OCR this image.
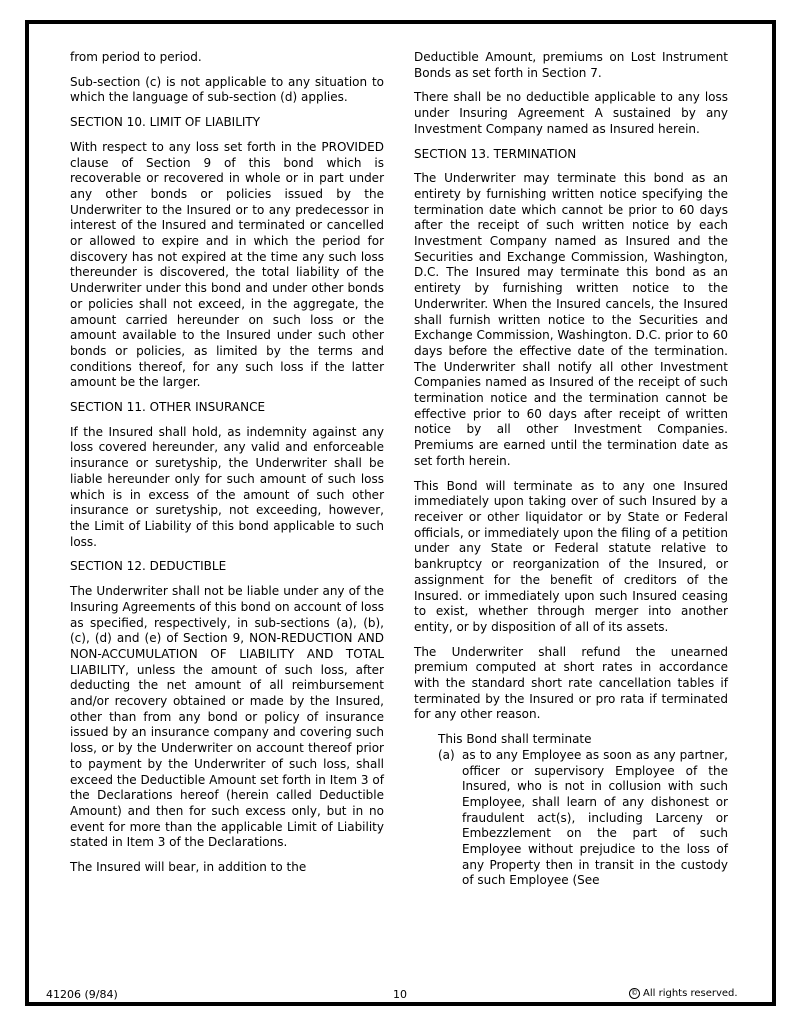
from period to period.

Sub-section (c) is not applicable to any situation to which the language of sub-section (d) applies.

SECTION 10. LIMIT OF LIABILITY

With respect to any loss set forth in the PROVIDED clause of Section 9 of this bond which is recoverable or recovered in whole or in part under any other bonds or policies issued by the Underwriter to the Insured or to any predecessor in interest of the Insured and terminated or cancelled or allowed to expire and in which the period for discovery has not expired at the time any such loss thereunder is discovered, the total liability of the Underwriter under this bond and under other bonds or policies shall not exceed, in the aggregate, the amount carried hereunder on such loss or the amount available to the Insured under such other bonds or policies, as limited by the terms and conditions thereof, for any such loss if the latter amount be the larger.

SECTION 11. OTHER INSURANCE

If the Insured shall hold, as indemnity against any loss covered hereunder, any valid and enforceable insurance or suretyship, the Underwriter shall be liable hereunder only for such amount of such loss which is in excess of the amount of such other insurance or suretyship, not exceeding, however, the Limit of Liability of this bond applicable to such loss.

SECTION 12. DEDUCTIBLE

The Underwriter shall not be liable under any of the Insuring Agreements of this bond on account of loss as specified, respectively, in sub-sections (a), (b), (c), (d) and (e) of Section 9, NON-REDUCTION AND NON-ACCUMULATION OF LIABILITY AND TOTAL LIABILITY, unless the amount of such loss, after deducting the net amount of all reimbursement and/or recovery obtained or made by the Insured, other than from any bond or policy of insurance issued by an insurance company and covering such loss, or by the Underwriter on account thereof prior to payment by the Underwriter of such loss, shall exceed the Deductible Amount set forth in Item 3 of the Declarations hereof (herein called Deductible Amount) and then for such excess only, but in no event for more than the applicable Limit of Liability stated in Item 3 of the Declarations.

The Insured will bear, in addition to the

Deductible Amount, premiums on Lost Instrument Bonds as set forth in Section 7.

There shall be no deductible applicable to any loss under Insuring Agreement A sustained by any Investment Company named as Insured herein.

SECTION 13. TERMINATION

The Underwriter may terminate this bond as an entirety by furnishing written notice specifying the termination date which cannot be prior to 60 days after the receipt of such written notice by each Investment Company named as Insured and the Securities and Exchange Commission, Washington, D.C. The Insured may terminate this bond as an entirety by furnishing written notice to the Underwriter. When the Insured cancels, the Insured shall furnish written notice to the Securities and Exchange Commission, Washington. D.C. prior to 60 days before the effective date of the termination. The Underwriter shall notify all other Investment Companies named as Insured of the receipt of such termination notice and the termination cannot be effective prior to 60 days after receipt of written notice by all other Investment Companies. Premiums are earned until the termination date as set forth herein.

This Bond will terminate as to any one Insured immediately upon taking over of such Insured by a receiver or other liquidator or by State or Federal officials, or immediately upon the filing of a petition under any State or Federal statute relative to bankruptcy or reorganization of the Insured, or assignment for the benefit of creditors of the Insured. or immediately upon such Insured ceasing to exist, whether through merger into another entity, or by disposition of all of its assets.

The Underwriter shall refund the unearned premium computed at short rates in accordance with the standard short rate cancellation tables if terminated by the Insured or pro rata if terminated for any other reason.

This Bond shall terminate

(a) as to any Employee as soon as any partner, officer or supervisory Employee of the Insured, who is not in collusion with such Employee, shall learn of any dishonest or fraudulent act(s), including Larceny or Embezzlement on the part of such Employee without prejudice to the loss of any Property then in transit in the custody of such Employee (See
41206 (9/84)	10	© All rights reserved.
